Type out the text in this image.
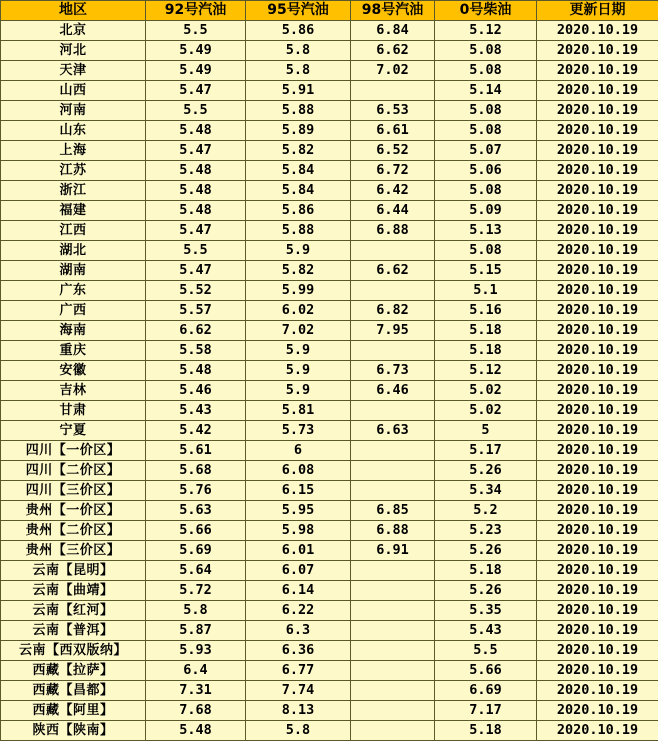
地区	92号汽油	95号汽油	98号汽油	0号柴油	更新日期
北京	5.5	5.86	6.84	5.12	2020.10.19
河北	5.49	5.8	6.62	5.08	2020.10.19
天津	5.49	5.8	7.02	5.08	2020.10.19
山西	5.47	5.91		5.14	2020.10.19
河南	5.5	5.88	6.53	5.08	2020.10.19
山东	5.48	5.89	6.61	5.08	2020.10.19
上海	5.47	5.82	6.52	5.07	2020.10.19
江苏	5.48	5.84	6.72	5.06	2020.10.19
浙江	5.48	5.84	6.42	5.08	2020.10.19
福建	5.48	5.86	6.44	5.09	2020.10.19
江西	5.47	5.88	6.88	5.13	2020.10.19
湖北	5.5	5.9		5.08	2020.10.19
湖南	5.47	5.82	6.62	5.15	2020.10.19
广东	5.52	5.99		5.1	2020.10.19
广西	5.57	6.02	6.82	5.16	2020.10.19
海南	6.62	7.02	7.95	5.18	2020.10.19
重庆	5.58	5.9		5.18	2020.10.19
安徽	5.48	5.9	6.73	5.12	2020.10.19
吉林	5.46	5.9	6.46	5.02	2020.10.19
甘肃	5.43	5.81		5.02	2020.10.19
宁夏	5.42	5.73	6.63	5	2020.10.19
四川【一价区】	5.61	6		5.17	2020.10.19
四川【二价区】	5.68	6.08		5.26	2020.10.19
四川【三价区】	5.76	6.15		5.34	2020.10.19
贵州【一价区】	5.63	5.95	6.85	5.2	2020.10.19
贵州【二价区】	5.66	5.98	6.88	5.23	2020.10.19
贵州【三价区】	5.69	6.01	6.91	5.26	2020.10.19
云南【昆明】	5.64	6.07		5.18	2020.10.19
云南【曲靖】	5.72	6.14		5.26	2020.10.19
云南【红河】	5.8	6.22		5.35	2020.10.19
云南【普洱】	5.87	6.3		5.43	2020.10.19
云南【西双版纳】	5.93	6.36		5.5	2020.10.19
西藏【拉萨】	6.4	6.77		5.66	2020.10.19
西藏【昌都】	7.31	7.74		6.69	2020.10.19
西藏【阿里】	7.68	8.13		7.17	2020.10.19
陕西【陕南】	5.48	5.8		5.18	2020.10.19
